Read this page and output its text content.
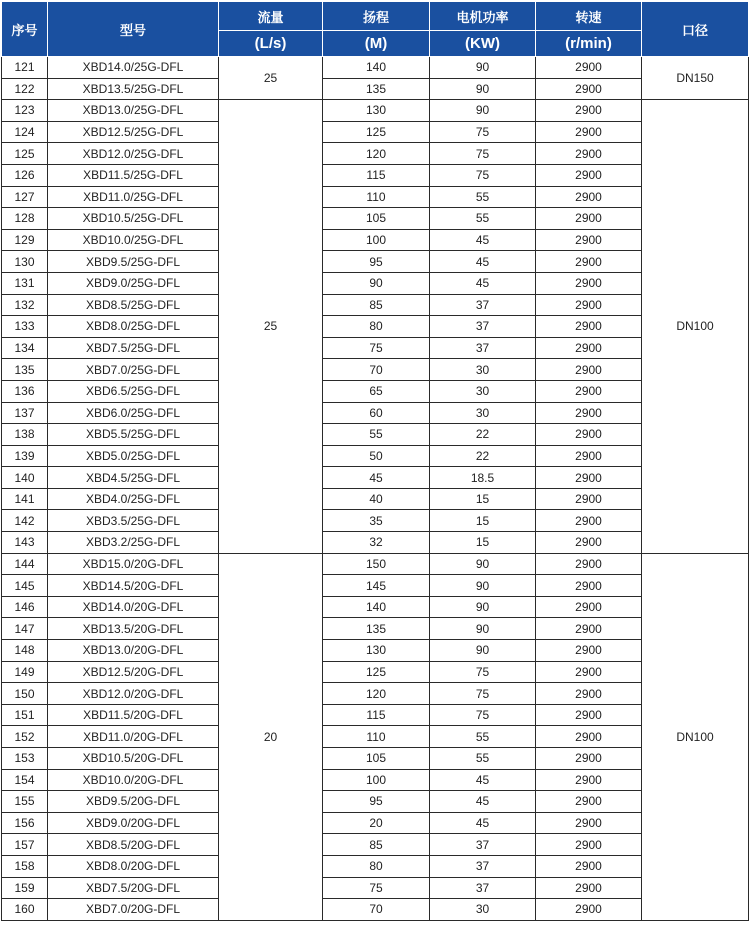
序号	型号	流量	扬程	电机功率	转速	口径
		(L/s)	(M)	(KW)	(r/min)	
121	XBD14.0/25G-DFL	25	140	90	2900	DN150
122	XBD13.5/25G-DFL		135	90	2900	
123	XBD13.0/25G-DFL	25	130	90	2900	DN100
124	XBD12.5/25G-DFL		125	75	2900	
125	XBD12.0/25G-DFL		120	75	2900	
126	XBD11.5/25G-DFL		115	75	2900	
127	XBD11.0/25G-DFL		110	55	2900	
128	XBD10.5/25G-DFL		105	55	2900	
129	XBD10.0/25G-DFL		100	45	2900	
130	XBD9.5/25G-DFL		95	45	2900	
131	XBD9.0/25G-DFL		90	45	2900	
132	XBD8.5/25G-DFL		85	37	2900	
133	XBD8.0/25G-DFL		80	37	2900	
134	XBD7.5/25G-DFL		75	37	2900	
135	XBD7.0/25G-DFL		70	30	2900	
136	XBD6.5/25G-DFL		65	30	2900	
137	XBD6.0/25G-DFL		60	30	2900	
138	XBD5.5/25G-DFL		55	22	2900	
139	XBD5.0/25G-DFL		50	22	2900	
140	XBD4.5/25G-DFL		45	18.5	2900	
141	XBD4.0/25G-DFL		40	15	2900	
142	XBD3.5/25G-DFL		35	15	2900	
143	XBD3.2/25G-DFL		32	15	2900	
144	XBD15.0/20G-DFL	20	150	90	2900	DN100
145	XBD14.5/20G-DFL		145	90	2900	
146	XBD14.0/20G-DFL		140	90	2900	
147	XBD13.5/20G-DFL		135	90	2900	
148	XBD13.0/20G-DFL		130	90	2900	
149	XBD12.5/20G-DFL		125	75	2900	
150	XBD12.0/20G-DFL		120	75	2900	
151	XBD11.5/20G-DFL		115	75	2900	
152	XBD11.0/20G-DFL		110	55	2900	
153	XBD10.5/20G-DFL		105	55	2900	
154	XBD10.0/20G-DFL		100	45	2900	
155	XBD9.5/20G-DFL		95	45	2900	
156	XBD9.0/20G-DFL		20	45	2900	
157	XBD8.5/20G-DFL		85	37	2900	
158	XBD8.0/20G-DFL		80	37	2900	
159	XBD7.5/20G-DFL		75	37	2900	
160	XBD7.0/20G-DFL		70	30	2900	
